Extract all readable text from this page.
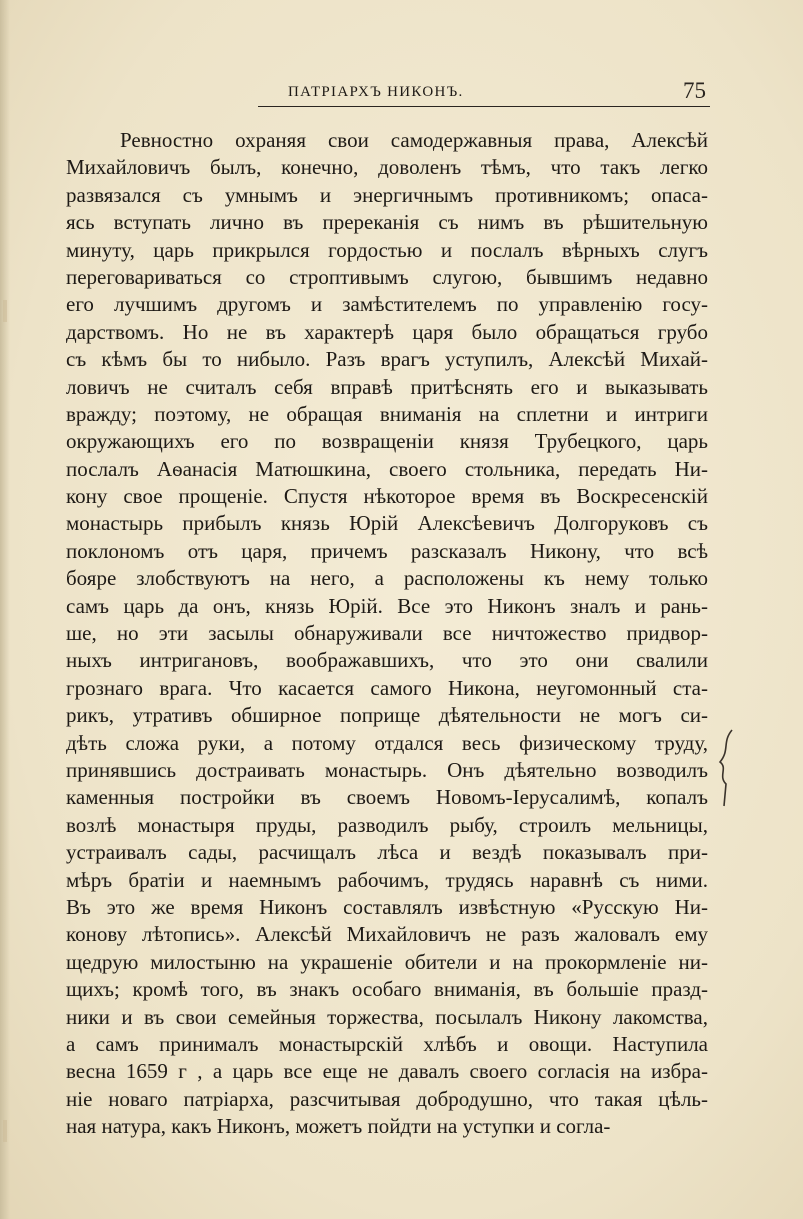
ПАТРІАРХЪ НИКОНЪ.	75
Ревностно охраняя свои самодержавныя права, Алексѣй
Михайловичъ былъ, конечно, доволенъ тѣмъ, что такъ легко
развязался съ умнымъ и энергичнымъ противникомъ; опаса-
ясь вступать лично въ пререканія съ нимъ въ рѣшительную
минуту, царь прикрылся гордостью и послалъ вѣрныхъ слугъ
переговариваться со строптивымъ слугою, бывшимъ недавно
его лучшимъ другомъ и замѣстителемъ по управленію госу-
дарствомъ. Но не въ характерѣ царя было обращаться грубо
съ кѣмъ бы то нибыло. Разъ врагъ уступилъ, Алексѣй Михай-
ловичъ не считалъ себя вправѣ притѣснять его и выказывать
вражду; поэтому, не обращая вниманія на сплетни и интриги
окружающихъ его по возвращеніи князя Трубецкого, царь
послалъ Аѳанасія Матюшкина, своего стольника, передать Ни-
кону свое прощеніе. Спустя нѣкоторое время въ Воскресенскій
монастырь прибылъ князь Юрій Алексѣевичъ Долгоруковъ съ
поклономъ отъ царя, причемъ разсказалъ Никону, что всѣ
бояре злобствуютъ на него, а расположены къ нему только
самъ царь да онъ, князь Юрій. Все это Никонъ зналъ и рань-
ше, но эти засылы обнаруживали все ничтожество придвор-
ныхъ интригановъ, воображавшихъ, что это они свалили
грознаго врага. Что касается самого Никона, неугомонный ста-
рикъ, утративъ обширное поприще дѣятельности не могъ си-
дѣть сложа руки, а потому отдался весь физическому труду,
принявшись достраивать монастырь. Онъ дѣятельно возводилъ
каменныя постройки въ своемъ Новомъ-Іерусалимѣ, копалъ
возлѣ монастыря пруды, разводилъ рыбу, строилъ мельницы,
устраивалъ сады, расчищалъ лѣса и вездѣ показывалъ при-
мѣръ братіи и наемнымъ рабочимъ, трудясь наравнѣ съ ними.
Въ это же время Никонъ составлялъ извѣстную «Русскую Ни-
конову лѣтопись». Алексѣй Михайловичъ не разъ жаловалъ ему
щедрую милостыню на украшеніе обители и на прокормленіе ни-
щихъ; кромѣ того, въ знакъ особаго вниманія, въ большіе празд-
ники и въ свои семейныя торжества, посылалъ Никону лакомства,
а самъ принималъ монастырскій хлѣбъ и овощи. Наступила
весна 1659 г , а царь все еще не давалъ своего согласія на избра-
ніе новаго патріарха, разсчитывая добродушно, что такая цѣль-
ная натура, какъ Никонъ, можетъ пойдти на уступки и согла-
